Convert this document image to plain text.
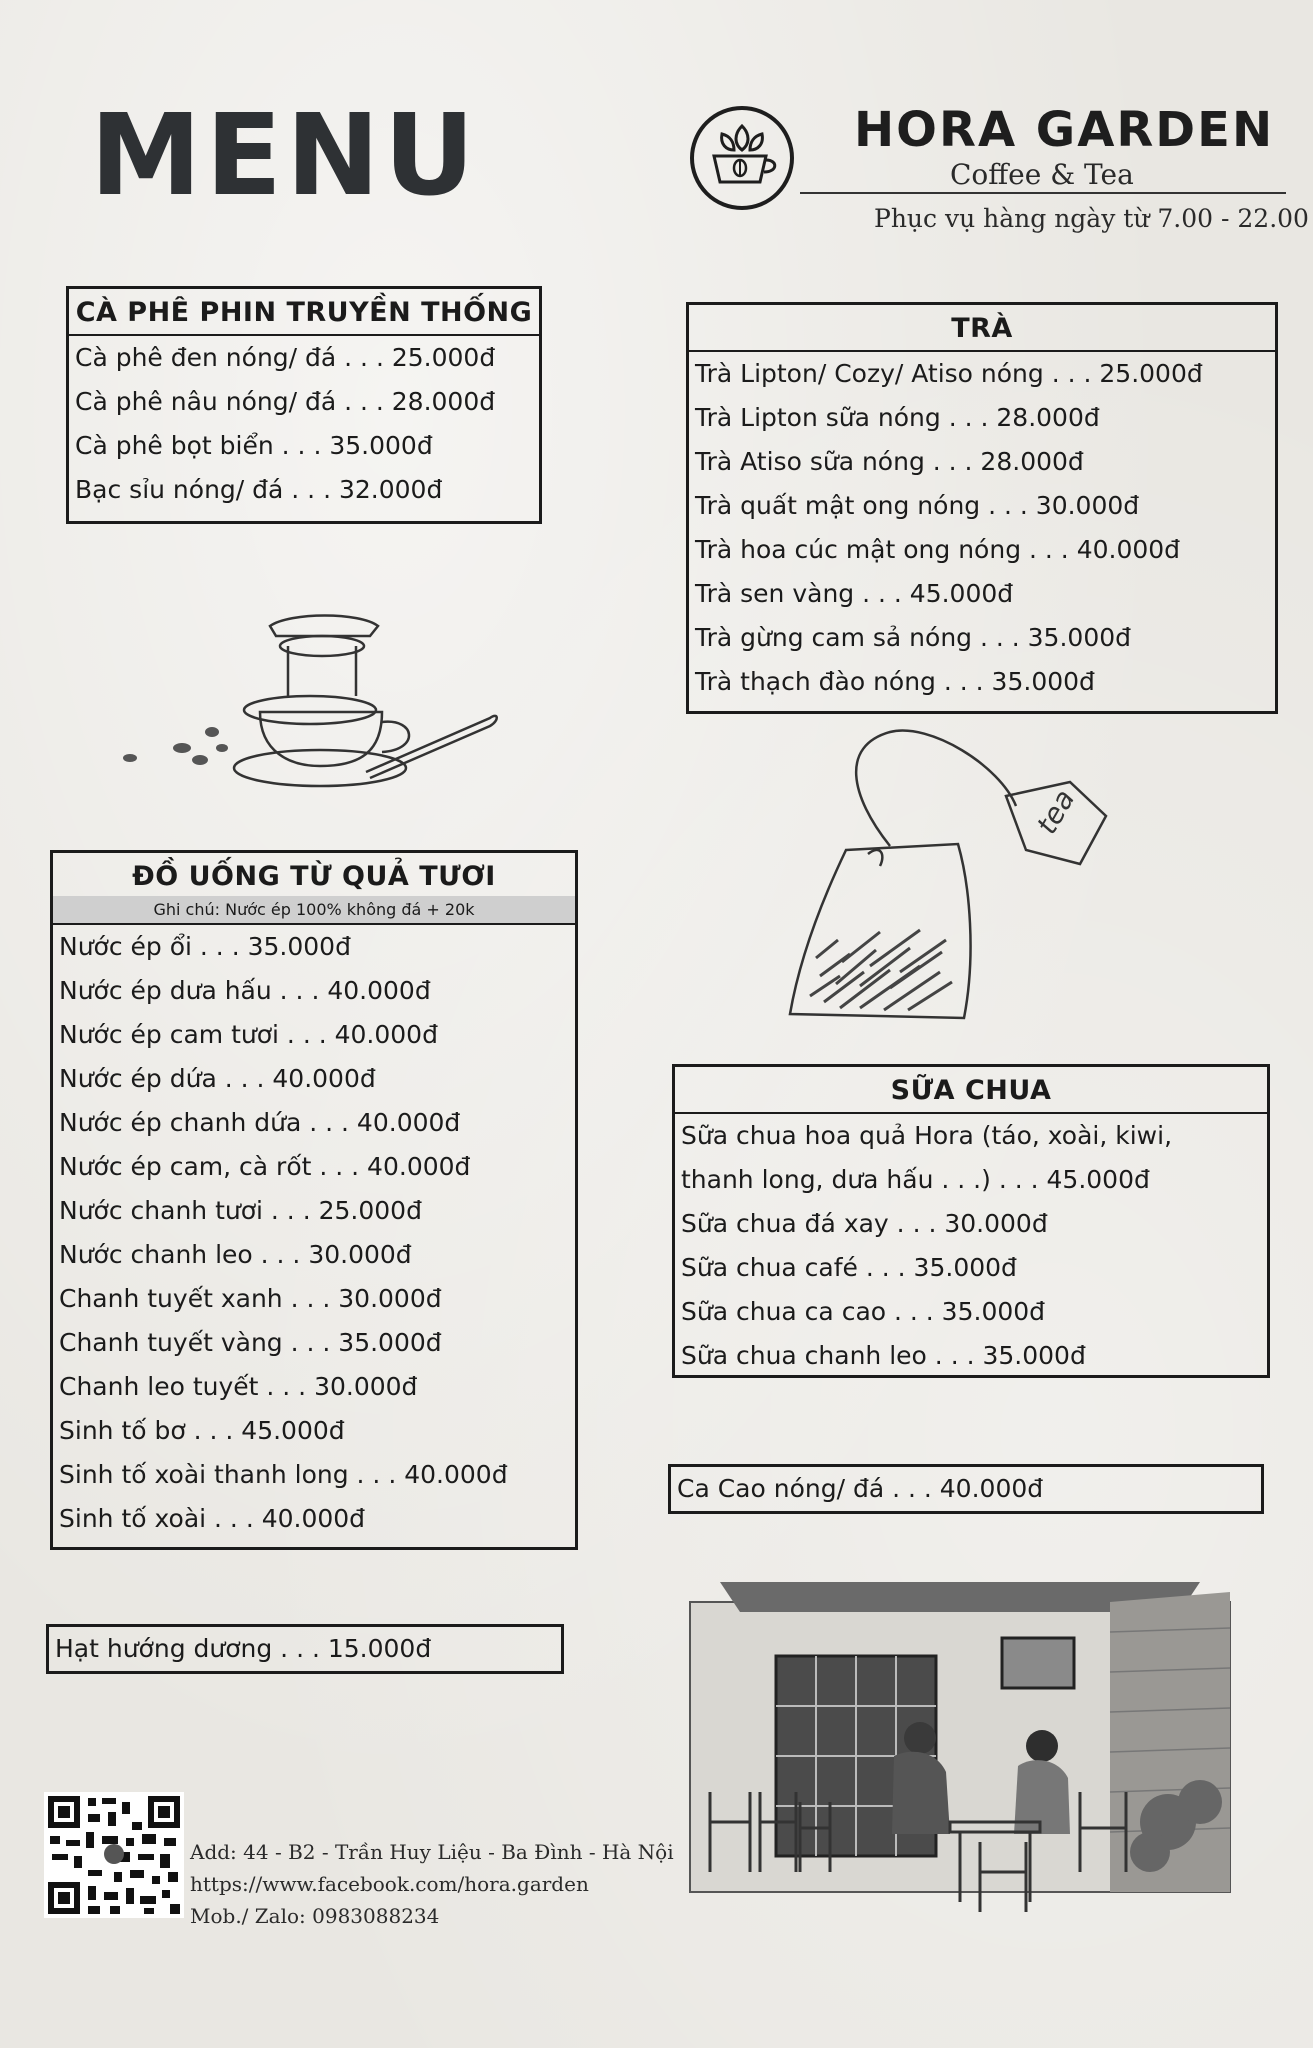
MENU	HORA GARDEN
Coffee & Tea
Phục vụ hàng ngày từ 7.00 - 22.00
CÀ PHÊ PHIN TRUYỀN THỐNG
Cà phê đen nóng/ đá . . . 25.000đ
Cà phê nâu nóng/ đá . . . 28.000đ
Cà phê bọt biển . . . 35.000đ
Bạc sỉu nóng/ đá . . . 32.000đ
TRÀ
Trà Lipton/ Cozy/ Atiso nóng . . . 25.000đ
Trà Lipton sữa nóng . . . 28.000đ
Trà Atiso sữa nóng . . . 28.000đ
Trà quất mật ong nóng . . . 30.000đ
Trà hoa cúc mật ong nóng . . . 40.000đ
Trà sen vàng . . . 45.000đ
Trà gừng cam sả nóng . . . 35.000đ
Trà thạch đào nóng . . . 35.000đ
tea
ĐỒ UỐNG TỪ QUẢ TƯƠI
Ghi chú: Nước ép 100% không đá + 20k
Nước ép ổi . . . 35.000đ
Nước ép dưa hấu . . . 40.000đ
Nước ép cam tươi . . . 40.000đ
Nước ép dứa . . . 40.000đ
Nước ép chanh dứa . . . 40.000đ
Nước ép cam, cà rốt . . . 40.000đ
Nước chanh tươi . . . 25.000đ
Nước chanh leo . . . 30.000đ
Chanh tuyết xanh . . . 30.000đ
Chanh tuyết vàng . . . 35.000đ
Chanh leo tuyết . . . 30.000đ
Sinh tố bơ . . . 45.000đ
Sinh tố xoài thanh long . . . 40.000đ
Sinh tố xoài . . . 40.000đ
SỮA CHUA
Sữa chua hoa quả Hora (táo, xoài, kiwi,
thanh long, dưa hấu . . .) . . . 45.000đ
Sữa chua đá xay . . . 30.000đ
Sữa chua café . . . 35.000đ
Sữa chua ca cao . . . 35.000đ
Sữa chua chanh leo . . . 35.000đ
Ca Cao nóng/ đá . . . 40.000đ
Hạt hướng dương . . . 15.000đ
Add: 44 - B2 - Trần Huy Liệu - Ba Đình - Hà Nội
https://www.facebook.com/hora.garden
Mob./ Zalo: 0983088234
